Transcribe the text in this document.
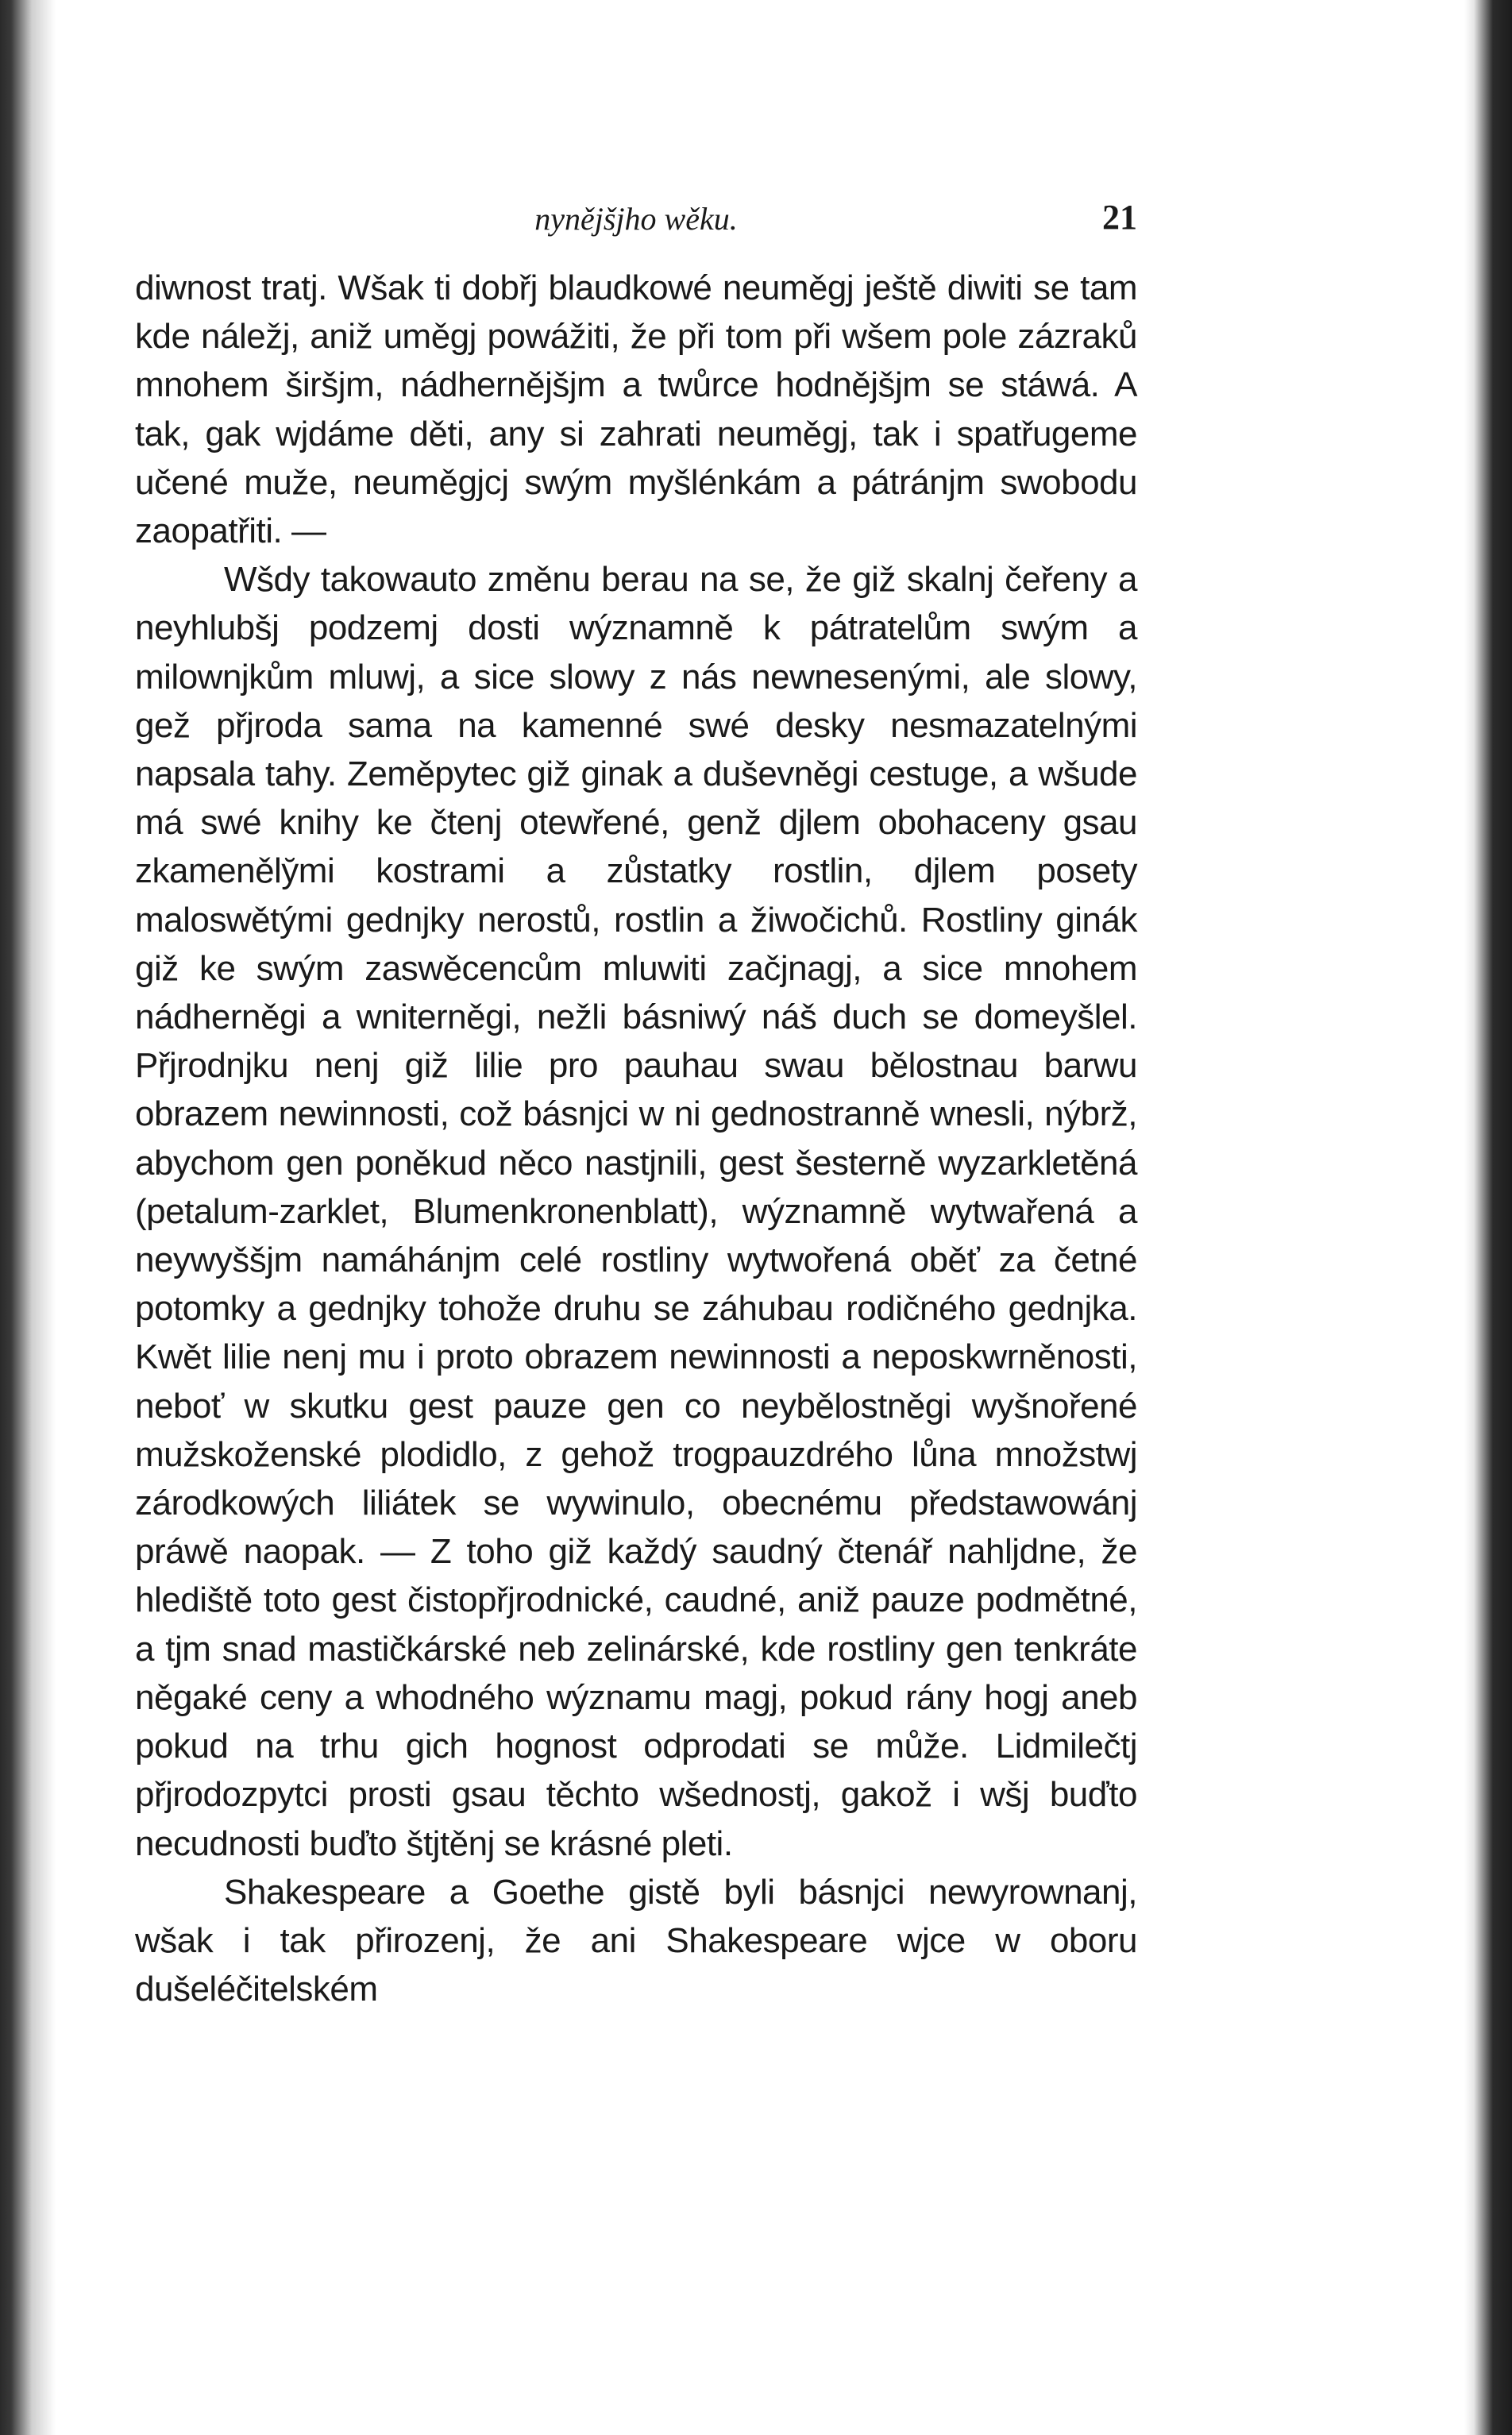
nynějšjho wěku.	21

diwnost tratj. Wšak ti dobřj blaudkowé neuměgj ještě diwiti se tam kde náležj, aniž uměgj powážiti, že při tom při wšem pole zázraků mnohem širšjm, nádhernějšjm a twůrce hodnějšjm se stáwá. A tak, gak wjdáme děti, any si zahrati neuměgj, tak i spatřugeme učené muže, neuměgjcj swým myšlénkám a pátránjm swobodu zaopatřiti. —

Wšdy takowauto změnu berau na se, že giž skalnj čeřeny a neyhlubšj podzemj dosti wýznamně k pátratelům swým a milownjkům mluwj, a sice slowy z nás newnesenými, ale slowy, gež přjroda sama na kamenné swé desky nesmazatelnými napsala tahy. Zeměpytec giž ginak a duševněgi cestuge, a wšude má swé knihy ke čtenj otewřené, genž djlem obohaceny gsau zkameněly̆mi kostrami a zůstatky rostlin, djlem posety maloswětými gednjky nerostů, rostlin a žiwočichů. Rostliny ginák giž ke swým zaswěcencům mluwiti začjnagj, a sice mnohem nádherněgi a wniterněgi, nežli básniwý náš duch se domeyšlel. Přjrodnjku nenj giž lilie pro pauhau swau bělostnau barwu obrazem newinnosti, což básnjci w ni gednostranně wnesli, nýbrž, abychom gen poněkud něco nastjnili, gest šesterně wyzarkletěná (petalum-zarklet, Blumenkronenblatt), wýznamně wytwařená a neywyššjm namáhánjm celé rostliny wytwořená oběť za četné potomky a gednjky tohože druhu se záhubau rodičného gednjka. Kwět lilie nenj mu i proto obrazem newinnosti a neposkwrněnosti, neboť w skutku gest pauze gen co neybělostněgi wyšnořené mužskoženské plodidlo, z gehož trogpauzdrého lůna množstwj zárodkowých liliátek se wywinulo, obecnému předstawowánj práwě naopak. — Z toho giž každý saudný čtenář nahljdne, že hlediště toto gest čistopřjrodnické, caudné, aniž pauze podmětné, a tjm snad mastičkárské neb zelinárské, kde rostliny gen tenkráte něgaké ceny a whodného wýznamu magj, pokud rány hogj aneb pokud na trhu gich hognost odprodati se může. Lidmilečtj přjrodozpytci prosti gsau těchto wšednostj, gakož i wšj buďto necudnosti buďto štjtěnj se krásné pleti.

Shakespeare a Goethe gistě byli básnjci newyrownanj, wšak i tak přirozenj, že ani Shakespeare wjce w oboru dušeléčitelském
